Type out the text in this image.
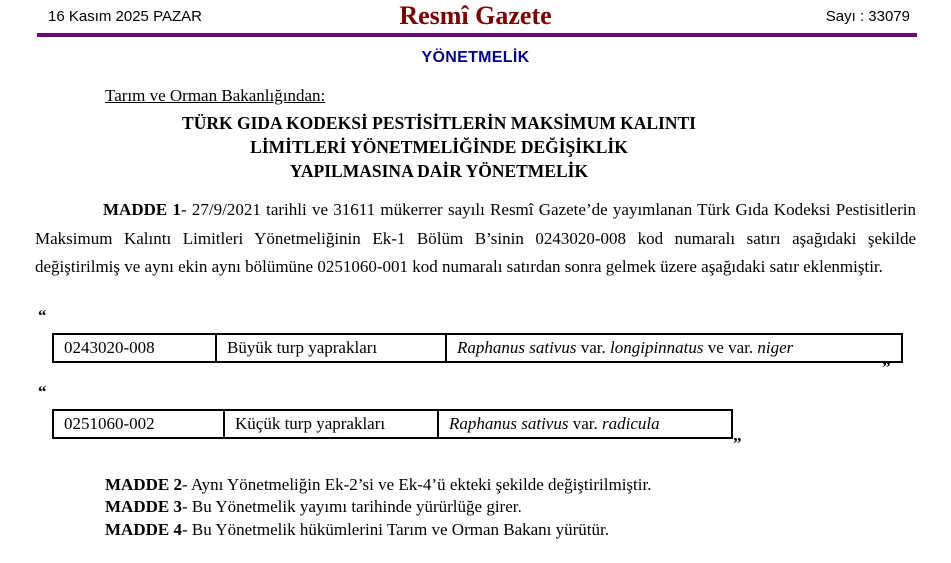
16 Kasım 2025 PAZAR	Resmî Gazete	Sayı : 33079
YÖNETMELİK
Tarım ve Orman Bakanlığından:
TÜRK GIDA KODEKSİ PESTİSİTLERİN MAKSİMUM KALINTI
LİMİTLERİ YÖNETMELİĞİNDE DEĞİŞİKLİK
YAPILMASINA DAİR YÖNETMELİK

MADDE 1- 27/9/2021 tarihli ve 31611 mükerrer sayılı Resmî Gazete’de yayımlanan Türk Gıda Kodeksi Pestisitlerin Maksimum Kalıntı Limitleri Yönetmeliğinin Ek-1 Bölüm B’sinin 0243020-008 kod numaralı satırı aşağıdaki şekilde değiştirilmiş ve aynı ekin aynı bölümüne 0251060-001 kod numaralı satırdan sonra gelmek üzere aşağıdaki satır eklenmiştir.

“
0243020-008	Büyük turp yaprakları	Raphanus sativus var. longipinnatus ve var. niger
”
“
0251060-002	Küçük turp yaprakları	Raphanus sativus var. radicula
”

MADDE 2- Aynı Yönetmeliğin Ek-2’si ve Ek-4’ü ekteki şekilde değiştirilmiştir.

MADDE 3- Bu Yönetmelik yayımı tarihinde yürürlüğe girer.

MADDE 4- Bu Yönetmelik hükümlerini Tarım ve Orman Bakanı yürütür.
